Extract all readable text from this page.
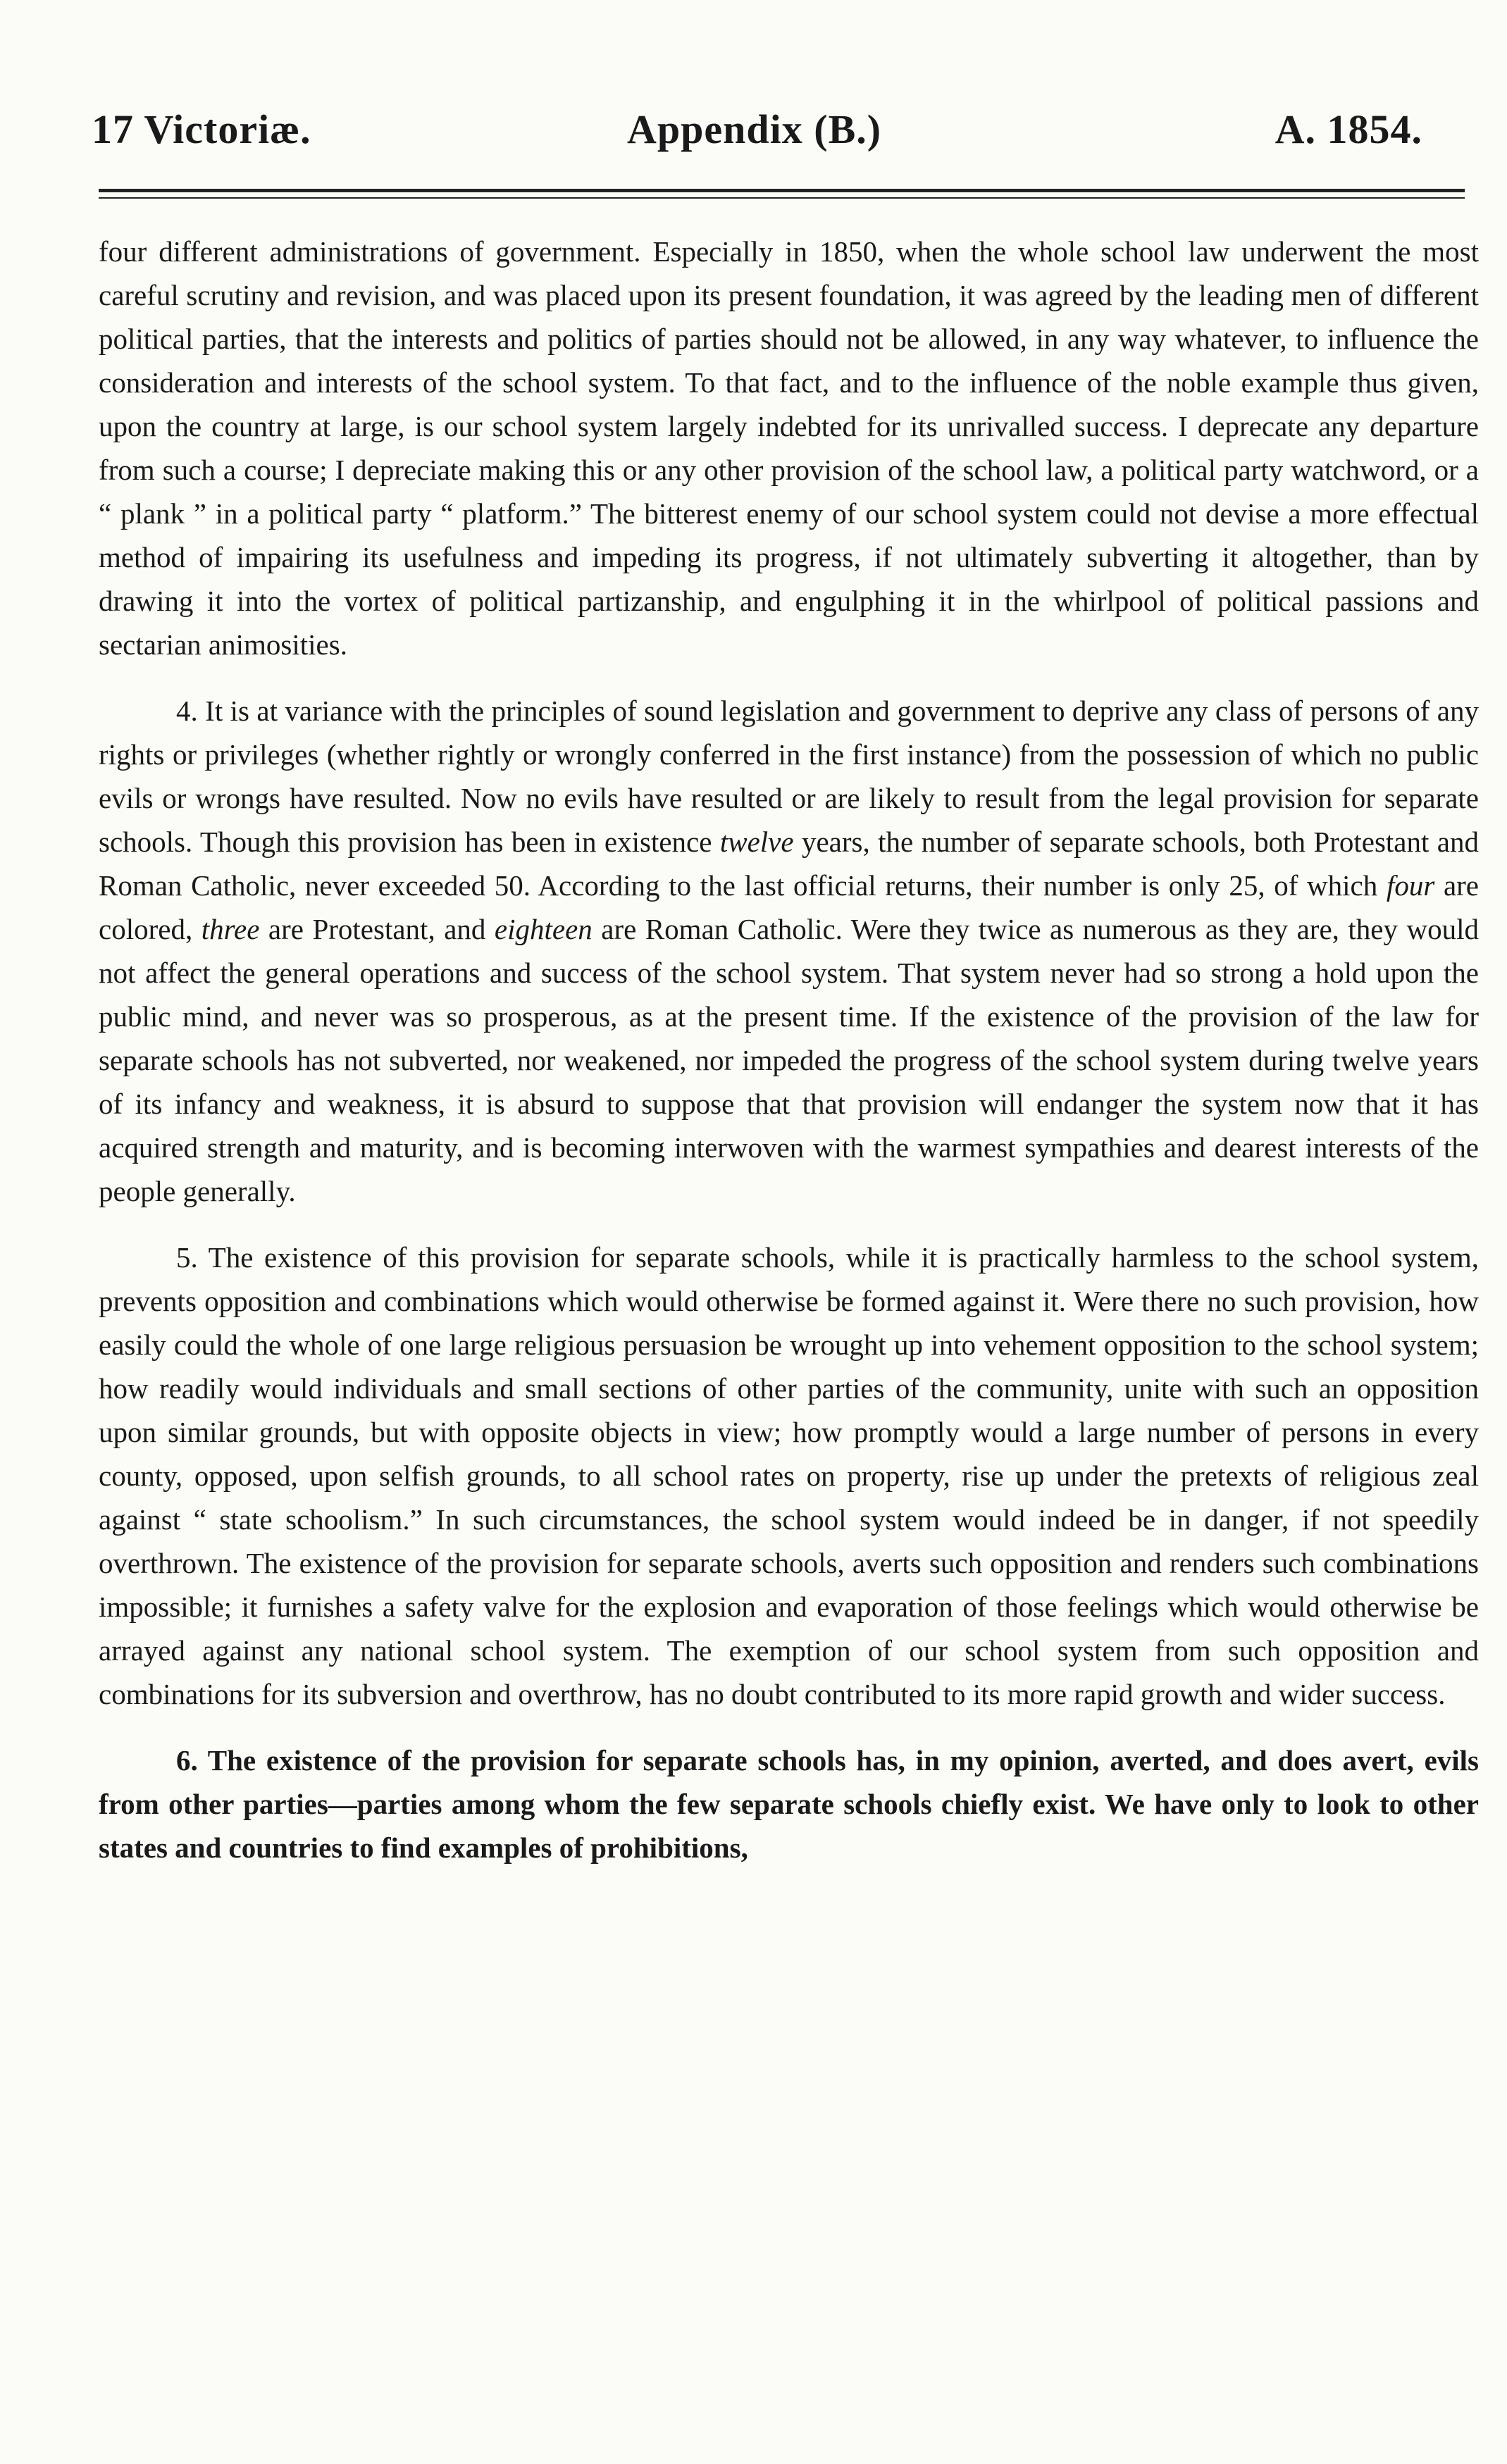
17 Victoriæ.	Appendix (B.)	A. 1854.

four different administrations of government. Especially in 1850, when the whole school law underwent the most careful scrutiny and revision, and was placed upon its present foundation, it was agreed by the leading men of different political parties, that the interests and politics of parties should not be allowed, in any way whatever, to influence the consideration and interests of the school system. To that fact, and to the influence of the noble example thus given, upon the country at large, is our school system largely indebted for its unrivalled success. I deprecate any departure from such a course; I depreciate making this or any other provision of the school law, a political party watchword, or a “ plank ” in a political party “ platform.” The bitterest enemy of our school system could not devise a more effectual method of impairing its usefulness and impeding its progress, if not ultimately subverting it altogether, than by drawing it into the vortex of political partizanship, and engulphing it in the whirlpool of political passions and sectarian animosities.

4. It is at variance with the principles of sound legislation and government to deprive any class of persons of any rights or privileges (whether rightly or wrongly conferred in the first instance) from the possession of which no public evils or wrongs have resulted. Now no evils have resulted or are likely to result from the legal provision for separate schools. Though this provision has been in existence twelve years, the number of separate schools, both Protestant and Roman Catholic, never exceeded 50. According to the last official returns, their number is only 25, of which four are colored, three are Protestant, and eighteen are Roman Catholic. Were they twice as numerous as they are, they would not affect the general operations and success of the school system. That system never had so strong a hold upon the public mind, and never was so prosperous, as at the present time. If the existence of the provision of the law for separate schools has not subverted, nor weakened, nor impeded the progress of the school system during twelve years of its infancy and weakness, it is absurd to suppose that that provision will endanger the system now that it has acquired strength and maturity, and is becoming interwoven with the warmest sympathies and dearest interests of the people generally.

5. The existence of this provision for separate schools, while it is practically harmless to the school system, prevents opposition and combinations which would otherwise be formed against it. Were there no such provision, how easily could the whole of one large religious persuasion be wrought up into vehement opposition to the school system; how readily would individuals and small sections of other parties of the community, unite with such an opposition upon similar grounds, but with opposite objects in view; how promptly would a large number of persons in every county, opposed, upon selfish grounds, to all school rates on property, rise up under the pretexts of religious zeal against “ state schoolism.” In such circumstances, the school system would indeed be in danger, if not speedily overthrown. The existence of the provision for separate schools, averts such opposition and renders such combinations impossible; it furnishes a safety valve for the explosion and evaporation of those feelings which would otherwise be arrayed against any national school system. The exemption of our school system from such opposition and combinations for its subversion and overthrow, has no doubt contributed to its more rapid growth and wider success.

6. The existence of the provision for separate schools has, in my opinion, averted, and does avert, evils from other parties—parties among whom the few separate schools chiefly exist. We have only to look to other states and countries to find examples of prohibitions,
